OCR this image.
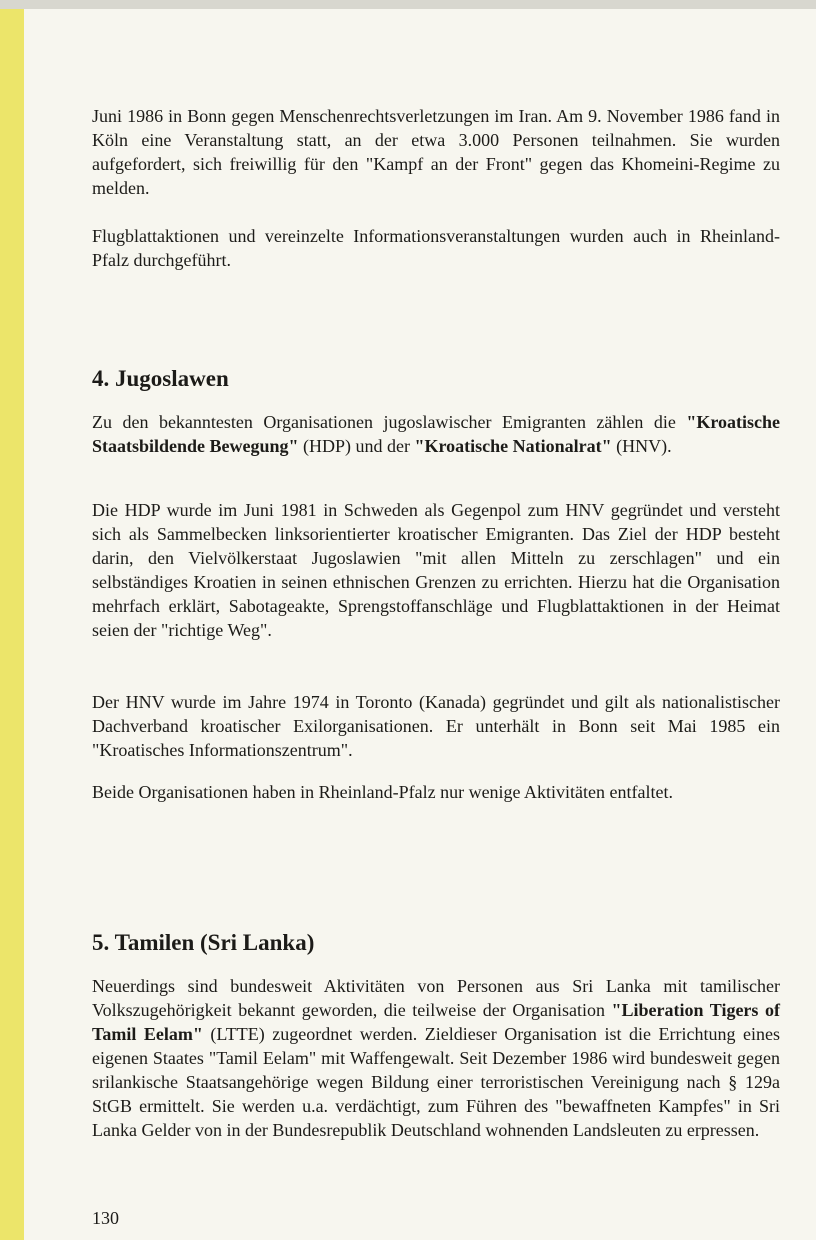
Juni 1986 in Bonn gegen Menschenrechtsverletzungen im Iran. Am 9. November 1986 fand in Köln eine Veranstaltung statt, an der etwa 3.000 Personen teilnahmen. Sie wurden aufgefordert, sich freiwillig für den "Kampf an der Front" gegen das Khomeini-Regime zu melden.

Flugblattaktionen und vereinzelte Informationsveranstaltungen wurden auch in Rheinland-Pfalz durchgeführt.

4. Jugoslawen

Zu den bekanntesten Organisationen jugoslawischer Emigranten zählen die "Kroatische Staatsbildende Bewegung" (HDP) und der "Kroatische Nationalrat" (HNV).

Die HDP wurde im Juni 1981 in Schweden als Gegenpol zum HNV gegründet und versteht sich als Sammelbecken linksorientierter kroatischer Emigranten. Das Ziel der HDP besteht darin, den Vielvölkerstaat Jugoslawien "mit allen Mitteln zu zerschlagen" und ein selbständiges Kroatien in seinen ethnischen Grenzen zu errichten. Hierzu hat die Organisation mehrfach erklärt, Sabotageakte, Sprengstoffanschläge und Flugblattaktionen in der Heimat seien der "richtige Weg".

Der HNV wurde im Jahre 1974 in Toronto (Kanada) gegründet und gilt als nationalistischer Dachverband kroatischer Exilorganisationen. Er unterhält in Bonn seit Mai 1985 ein "Kroatisches Informationszentrum".

Beide Organisationen haben in Rheinland-Pfalz nur wenige Aktivitäten entfaltet.

5. Tamilen (Sri Lanka)

Neuerdings sind bundesweit Aktivitäten von Personen aus Sri Lanka mit tamilischer Volkszugehörigkeit bekannt geworden, die teilweise der Organisation "Liberation Tigers of Tamil Eelam" (LTTE) zugeordnet werden. Zieldieser Organisation ist die Errichtung eines eigenen Staates "Tamil Eelam" mit Waffengewalt. Seit Dezember 1986 wird bundesweit gegen srilankische Staatsangehörige wegen Bildung einer terroristischen Vereinigung nach § 129a StGB ermittelt. Sie werden u.a. verdächtigt, zum Führen des "bewaffneten Kampfes" in Sri Lanka Gelder von in der Bundesrepublik Deutschland wohnenden Landsleuten zu erpressen.

130
